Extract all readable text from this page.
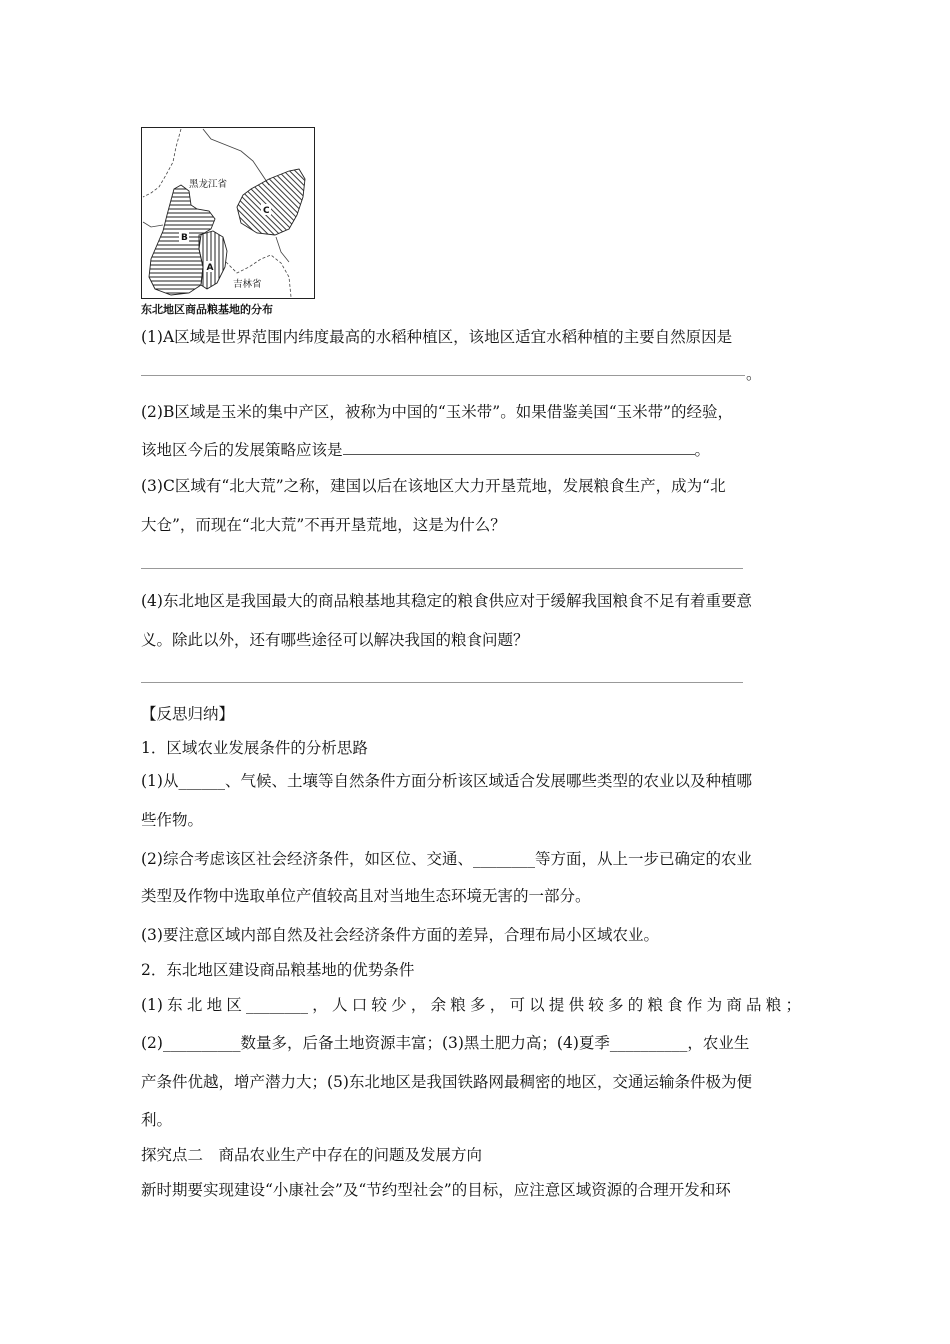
黑龙江省
吉林省
B
A
C
东北地区商品粮基地的分布
(1)A区域是世界范围内纬度最高的水稻种植区，该地区适宜水稻种植的主要自然原因是
。
(2)B区域是玉米的集中产区，被称为中国的“玉米带”。如果借鉴美国“玉米带”的经验，
该地区今后的发展策略应该是	。
(3)C区域有“北大荒”之称，建国以后在该地区大力开垦荒地，发展粮食生产，成为“北
大仓”，而现在“北大荒”不再开垦荒地，这是为什么？
(4)东北地区是我国最大的商品粮基地其稳定的粮食供应对于缓解我国粮食不足有着重要意
义。除此以外，还有哪些途径可以解决我国的粮食问题？
【反思归纳】
1．区域农业发展条件的分析思路
(1)从______、气候、土壤等自然条件方面分析该区域适合发展哪些类型的农业以及种植哪
些作物。
(2)综合考虑该区社会经济条件，如区位、交通、________等方面，从上一步已确定的农业
类型及作物中选取单位产值较高且对当地生态环境无害的一部分。
(3)要注意区域内部自然及社会经济条件方面的差异，合理布局小区域农业。
2．东北地区建设商品粮基地的优势条件
(1)东北地区________，人口较少，余粮多，可以提供较多的粮食作为商品粮；
(2)__________数量多，后备土地资源丰富；(3)黑土肥力高；(4)夏季__________，农业生
产条件优越，增产潜力大；(5)东北地区是我国铁路网最稠密的地区，交通运输条件极为便
利。
探究点二　商品农业生产中存在的问题及发展方向
新时期要实现建设“小康社会”及“节约型社会”的目标，应注意区域资源的合理开发和环
